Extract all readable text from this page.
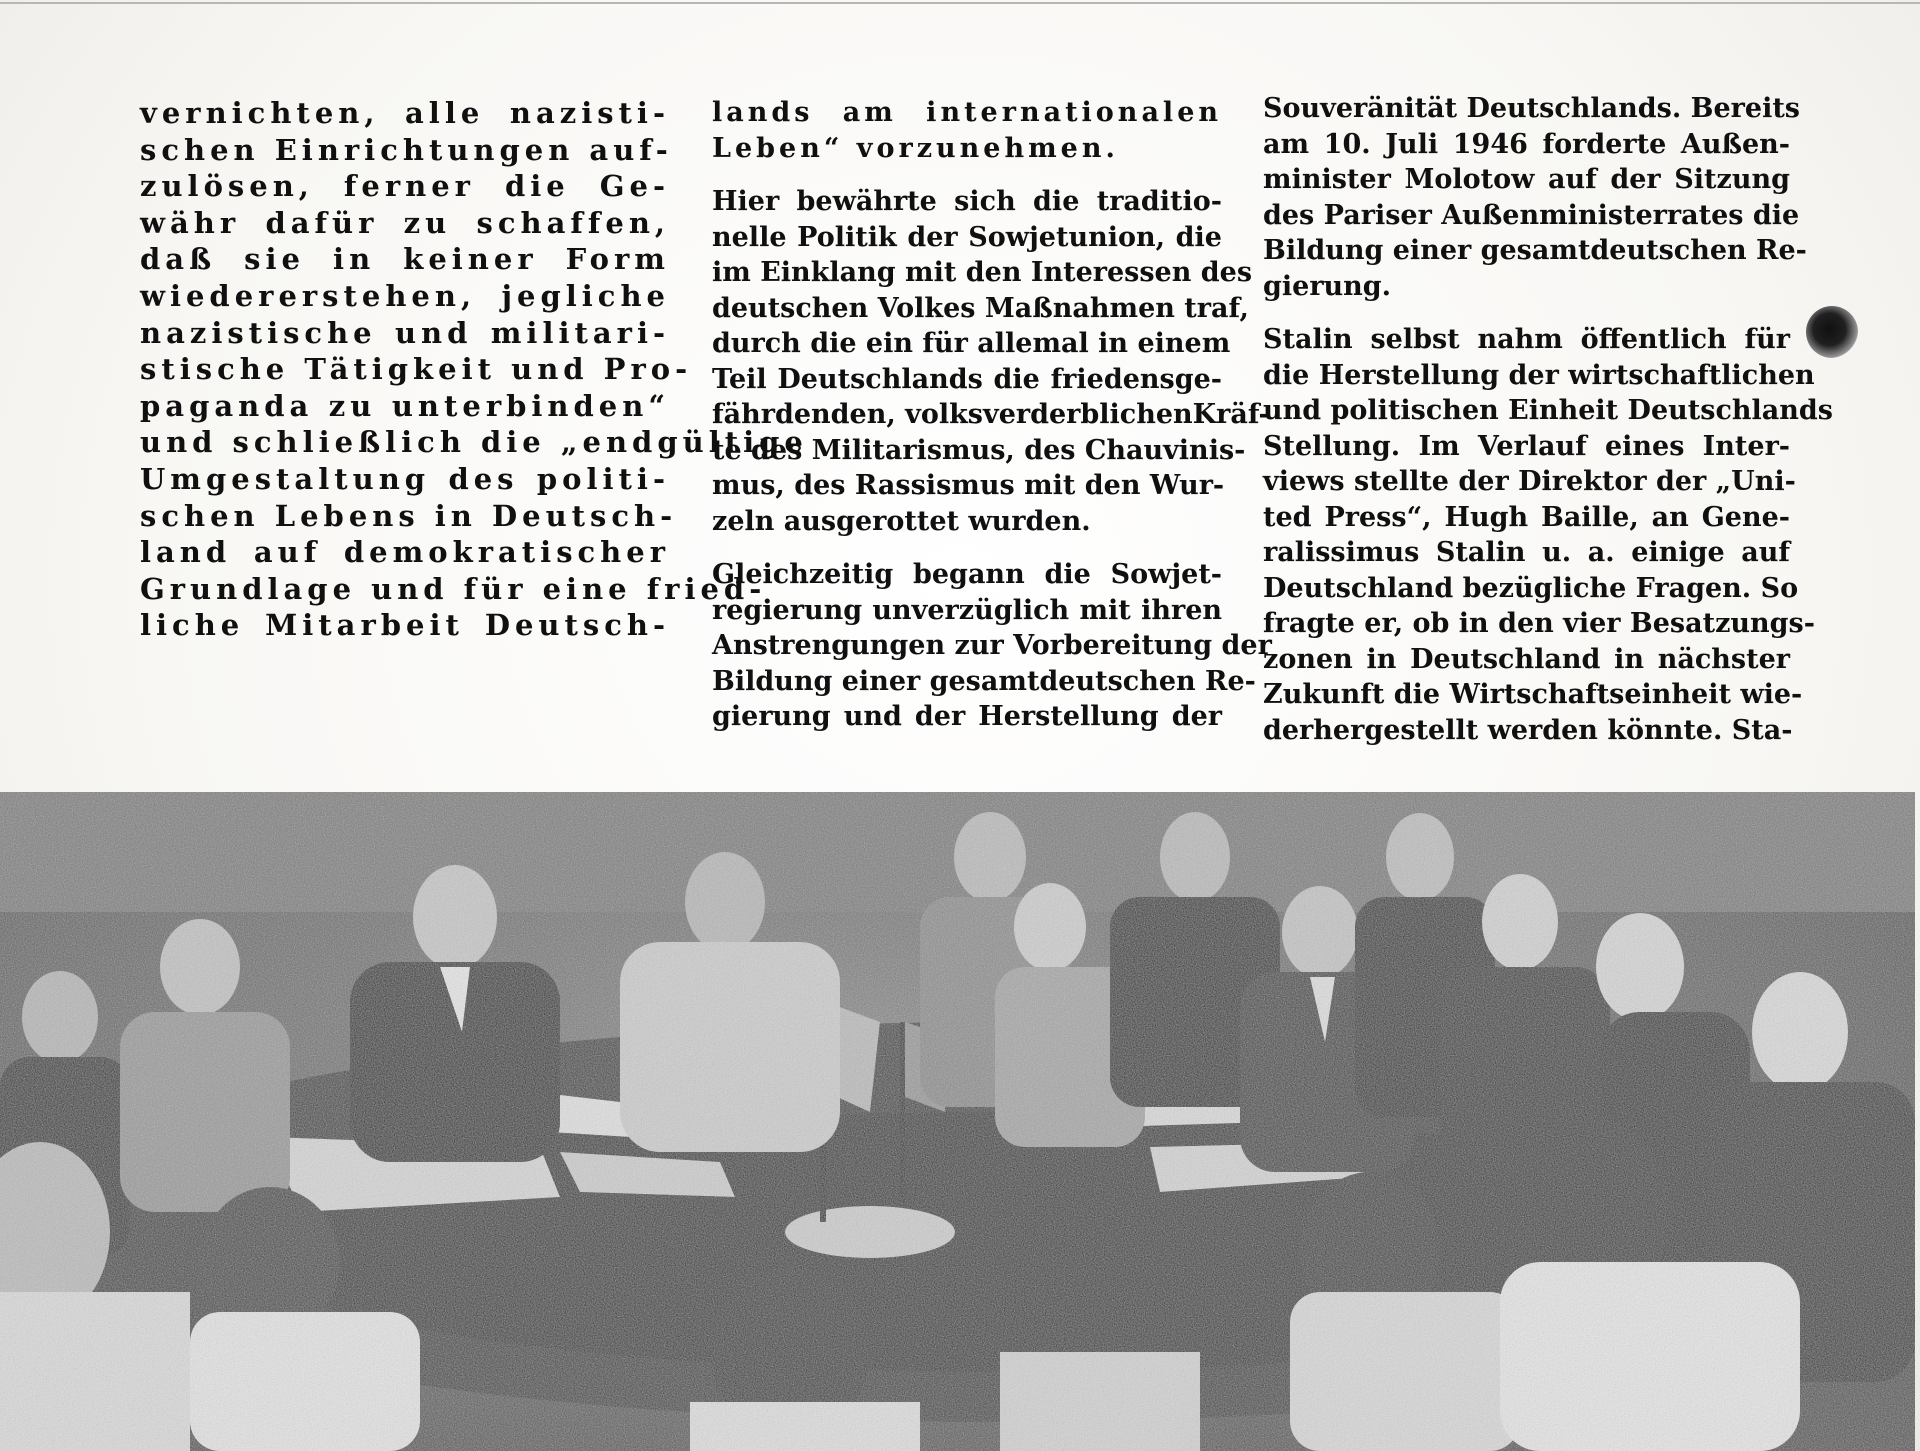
vernichten, alle nazisti-
schen Einrichtungen auf-
zulösen, ferner die Ge-
währ dafür zu schaffen,
daß sie in keiner Form
wiedererstehen, jegliche
nazistische und militari-
stische Tätigkeit und Pro-
paganda zu unterbinden“
und schließlich die „endgültige
Umgestaltung des politi-
schen Lebens in Deutsch-
land auf demokratischer
Grundlage und für eine fried-
liche Mitarbeit Deutsch-
lands am internationalen
Leben“ vorzunehmen.
Hier bewährte sich die traditio-
nelle Politik der Sowjetunion, die
im Einklang mit den Interessen des
deutschen Volkes Maßnahmen traf,
durch die ein für allemal in einem
Teil Deutschlands die friedensge-
fährdenden, volksverderblichenKräf-
te des Militarismus, des Chauvinis-
mus, des Rassismus mit den Wur-
zeln ausgerottet wurden.
Gleichzeitig begann die Sowjet-
regierung unverzüglich mit ihren
Anstrengungen zur Vorbereitung der
Bildung einer gesamtdeutschen Re-
gierung und der Herstellung der
Souveränität Deutschlands. Bereits
am 10. Juli 1946 forderte Außen-
minister Molotow auf der Sitzung
des Pariser Außenministerrates die
Bildung einer gesamtdeutschen Re-
gierung.
Stalin selbst nahm öffentlich für
die Herstellung der wirtschaftlichen
und politischen Einheit Deutschlands
Stellung. Im Verlauf eines Inter-
views stellte der Direktor der „Uni-
ted Press“, Hugh Baille, an Gene-
ralissimus Stalin u. a. einige auf
Deutschland bezügliche Fragen. So
fragte er, ob in den vier Besatzungs-
zonen in Deutschland in nächster
Zukunft die Wirtschaftseinheit wie-
derhergestellt werden könnte. Sta-
